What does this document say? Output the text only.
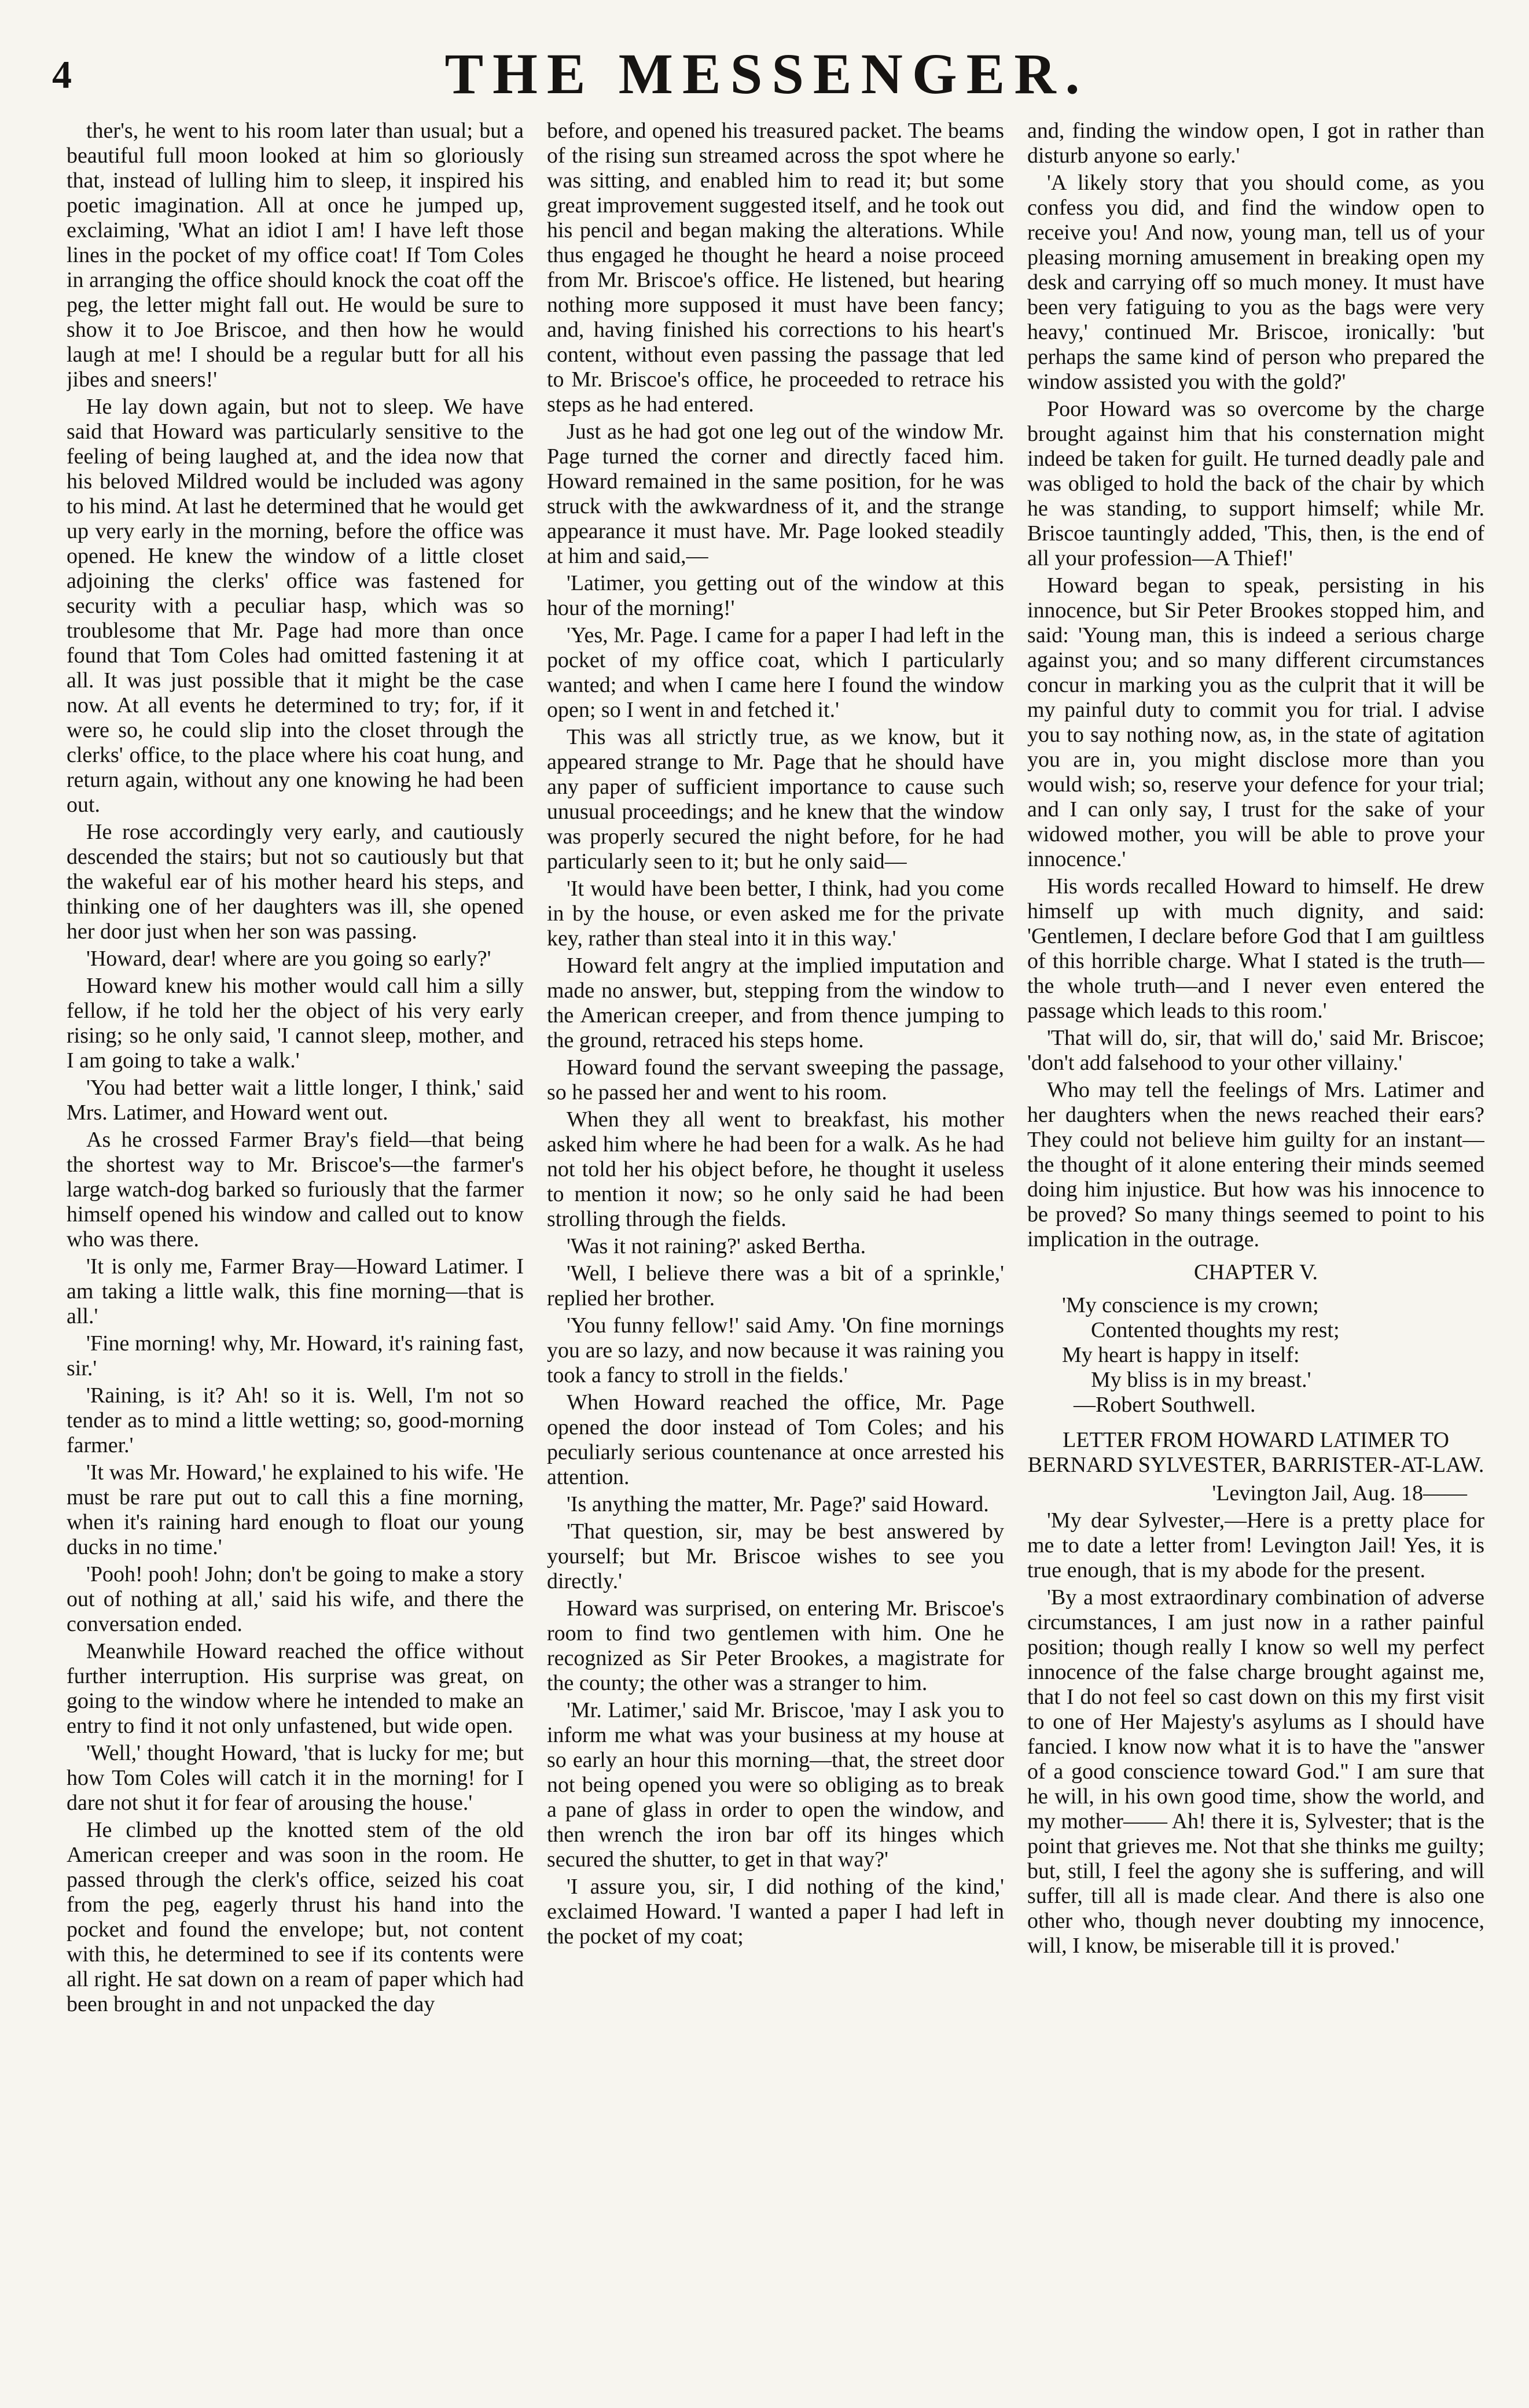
4	THE MESSENGER.

ther's, he went to his room later than usual; but a beautiful full moon looked at him so gloriously that, instead of lulling him to sleep, it inspired his poetic imagination. All at once he jumped up, exclaiming, 'What an idiot I am! I have left those lines in the pocket of my office coat! If Tom Coles in arranging the office should knock the coat off the peg, the letter might fall out. He would be sure to show it to Joe Briscoe, and then how he would laugh at me! I should be a regular butt for all his jibes and sneers!'

He lay down again, but not to sleep. We have said that Howard was particularly sensitive to the feeling of being laughed at, and the idea now that his beloved Mildred would be included was agony to his mind. At last he determined that he would get up very early in the morning, before the office was opened. He knew the window of a little closet adjoining the clerks' office was fastened for security with a peculiar hasp, which was so troublesome that Mr. Page had more than once found that Tom Coles had omitted fastening it at all. It was just possible that it might be the case now. At all events he determined to try; for, if it were so, he could slip into the closet through the clerks' office, to the place where his coat hung, and return again, without any one knowing he had been out.

He rose accordingly very early, and cautiously descended the stairs; but not so cautiously but that the wakeful ear of his mother heard his steps, and thinking one of her daughters was ill, she opened her door just when her son was passing.

'Howard, dear! where are you going so early?'

Howard knew his mother would call him a silly fellow, if he told her the object of his very early rising; so he only said, 'I cannot sleep, mother, and I am going to take a walk.'

'You had better wait a little longer, I think,' said Mrs. Latimer, and Howard went out.

As he crossed Farmer Bray's field—that being the shortest way to Mr. Briscoe's—the farmer's large watch-dog barked so furiously that the farmer himself opened his window and called out to know who was there.

'It is only me, Farmer Bray—Howard Latimer. I am taking a little walk, this fine morning—that is all.'

'Fine morning! why, Mr. Howard, it's raining fast, sir.'

'Raining, is it? Ah! so it is. Well, I'm not so tender as to mind a little wetting; so, good-morning farmer.'

'It was Mr. Howard,' he explained to his wife. 'He must be rare put out to call this a fine morning, when it's raining hard enough to float our young ducks in no time.'

'Pooh! pooh! John; don't be going to make a story out of nothing at all,' said his wife, and there the conversation ended.

Meanwhile Howard reached the office without further interruption. His surprise was great, on going to the window where he intended to make an entry to find it not only unfastened, but wide open.

'Well,' thought Howard, 'that is lucky for me; but how Tom Coles will catch it in the morning! for I dare not shut it for fear of arousing the house.'

He climbed up the knotted stem of the old American creeper and was soon in the room. He passed through the clerk's office, seized his coat from the peg, eagerly thrust his hand into the pocket and found the envelope; but, not content with this, he determined to see if its contents were all right. He sat down on a ream of paper which had been brought in and not unpacked the day

before, and opened his treasured packet. The beams of the rising sun streamed across the spot where he was sitting, and enabled him to read it; but some great improvement suggested itself, and he took out his pencil and began making the alterations. While thus engaged he thought he heard a noise proceed from Mr. Briscoe's office. He listened, but hearing nothing more supposed it must have been fancy; and, having finished his corrections to his heart's content, without even passing the passage that led to Mr. Briscoe's office, he proceeded to retrace his steps as he had entered.

Just as he had got one leg out of the window Mr. Page turned the corner and directly faced him. Howard remained in the same position, for he was struck with the awkwardness of it, and the strange appearance it must have. Mr. Page looked steadily at him and said,—

'Latimer, you getting out of the window at this hour of the morning!'

'Yes, Mr. Page. I came for a paper I had left in the pocket of my office coat, which I particularly wanted; and when I came here I found the window open; so I went in and fetched it.'

This was all strictly true, as we know, but it appeared strange to Mr. Page that he should have any paper of sufficient importance to cause such unusual proceedings; and he knew that the window was properly secured the night before, for he had particularly seen to it; but he only said—

'It would have been better, I think, had you come in by the house, or even asked me for the private key, rather than steal into it in this way.'

Howard felt angry at the implied imputation and made no answer, but, stepping from the window to the American creeper, and from thence jumping to the ground, retraced his steps home.

Howard found the servant sweeping the passage, so he passed her and went to his room.

When they all went to breakfast, his mother asked him where he had been for a walk. As he had not told her his object before, he thought it useless to mention it now; so he only said he had been strolling through the fields.

'Was it not raining?' asked Bertha.

'Well, I believe there was a bit of a sprinkle,' replied her brother.

'You funny fellow!' said Amy. 'On fine mornings you are so lazy, and now because it was raining you took a fancy to stroll in the fields.'

When Howard reached the office, Mr. Page opened the door instead of Tom Coles; and his peculiarly serious countenance at once arrested his attention.

'Is anything the matter, Mr. Page?' said Howard.

'That question, sir, may be best answered by yourself; but Mr. Briscoe wishes to see you directly.'

Howard was surprised, on entering Mr. Briscoe's room to find two gentlemen with him. One he recognized as Sir Peter Brookes, a magistrate for the county; the other was a stranger to him.

'Mr. Latimer,' said Mr. Briscoe, 'may I ask you to inform me what was your business at my house at so early an hour this morning—that, the street door not being opened you were so obliging as to break a pane of glass in order to open the window, and then wrench the iron bar off its hinges which secured the shutter, to get in that way?'

'I assure you, sir, I did nothing of the kind,' exclaimed Howard. 'I wanted a paper I had left in the pocket of my coat;

and, finding the window open, I got in rather than disturb anyone so early.'

'A likely story that you should come, as you confess you did, and find the window open to receive you! And now, young man, tell us of your pleasing morning amusement in breaking open my desk and carrying off so much money. It must have been very fatiguing to you as the bags were very heavy,' continued Mr. Briscoe, ironically: 'but perhaps the same kind of person who prepared the window assisted you with the gold?'

Poor Howard was so overcome by the charge brought against him that his consternation might indeed be taken for guilt. He turned deadly pale and was obliged to hold the back of the chair by which he was standing, to support himself; while Mr. Briscoe tauntingly added, 'This, then, is the end of all your profession—A Thief!'

Howard began to speak, persisting in his innocence, but Sir Peter Brookes stopped him, and said: 'Young man, this is indeed a serious charge against you; and so many different circumstances concur in marking you as the culprit that it will be my painful duty to commit you for trial. I advise you to say nothing now, as, in the state of agitation you are in, you might disclose more than you would wish; so, reserve your defence for your trial; and I can only say, I trust for the sake of your widowed mother, you will be able to prove your innocence.'

His words recalled Howard to himself. He drew himself up with much dignity, and said: 'Gentlemen, I declare before God that I am guiltless of this horrible charge. What I stated is the truth—the whole truth—and I never even entered the passage which leads to this room.'

'That will do, sir, that will do,' said Mr. Briscoe; 'don't add falsehood to your other villainy.'

Who may tell the feelings of Mrs. Latimer and her daughters when the news reached their ears? They could not believe him guilty for an instant—the thought of it alone entering their minds seemed doing him injustice. But how was his innocence to be proved? So many things seemed to point to his implication in the outrage.

CHAPTER V.

'My conscience is my crown;
Contented thoughts my rest;
My heart is happy in itself:
My bliss is in my breast.'
—Robert Southwell.

LETTER FROM HOWARD LATIMER TO BERNARD SYLVESTER, BARRISTER-AT-LAW.

'Levington Jail, Aug. 18——

'My dear Sylvester,—Here is a pretty place for me to date a letter from! Levington Jail! Yes, it is true enough, that is my abode for the present.

'By a most extraordinary combination of adverse circumstances, I am just now in a rather painful position; though really I know so well my perfect innocence of the false charge brought against me, that I do not feel so cast down on this my first visit to one of Her Majesty's asylums as I should have fancied. I know now what it is to have the "answer of a good conscience toward God." I am sure that he will, in his own good time, show the world, and my mother—— Ah! there it is, Sylvester; that is the point that grieves me. Not that she thinks me guilty; but, still, I feel the agony she is suffering, and will suffer, till all is made clear. And there is also one other who, though never doubting my innocence, will, I know, be miserable till it is proved.'
